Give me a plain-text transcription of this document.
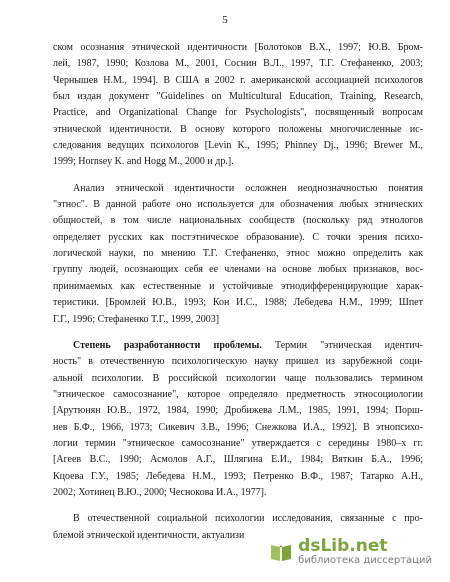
5
ском осознания этнической идентичности [Болотоков В.Х., 1997; Ю.В. Бром-
лей, 1987, 1990; Козлова М., 2001, Соснин В.Л., 1997, Т.Г. Стефаненко, 2003;
Чернышев Н.М., 1994]. В США в 2002 г. американской ассоциацией психологов
был издан документ "Guidelines on Multicultural Education, Training, Research,
Practice, and Organizational Change for Psychologists", посвященный вопросам
этнической идентичности. В основу которого положены многочисленные ис-
следования ведущих психологов [Levin K., 1995; Phinney Dj., 1996; Brewer M.,
1999; Hornsey K. and Hogg M., 2000 и др.].
Анализ этнической идентичности осложнен неоднозначностью понятия
"этнос". В данной работе оно используется для обозначения любых этнических
общностей, в том числе национальных сообществ (поскольку ряд этнологов
определяет русских как постэтническое образование). С точки зрения психо-
логической науки, по мнению Т.Г. Стефаненко, этнос можно определить как
группу людей, осознающих себя ее членами на основе любых признаков, вос-
принимаемых как естественные и устойчивые этнодифференцирующие харак-
теристики. [Бромлей Ю.В., 1993; Кон И.С., 1988; Лебедева Н.М., 1999; Шпет
Г.Г., 1996; Стефаненко Т.Г., 1999, 2003]
Степень разработанности проблемы. Термин "этническая идентич-
ность" в отечественную психологическую науку пришел из зарубежной соци-
альной психологии. В российской психологии чаще пользовались термином
"этническое самосознание", которое определяло предметность этносоциологии
[Арутюнян Ю.В., 1972, 1984, 1990; Дробижева Л.М., 1985, 1991, 1994; Порш-
нев Б.Ф., 1966, 1973; Сикевич З.В., 1996; Снежкова И.А., 1992]. В этнопсихо-
логии термин "этническое самосознание" утверждается с середины 1980–х гг.
[Агеев В.С., 1990; Асмолов А.Г., Шлягина Е.И., 1984; Вяткин Б.А., 1996;
Кцоева Г.У., 1985; Лебедева Н.М., 1993; Петренко В.Ф., 1987; Татарко А.Н.,
2002; Хотинец В.Ю., 2000; Чеснокова И.А., 1977].
В отечественной социальной психологии исследования, связанные с про-
блемой этнической идентичности, актуализи
dsLib.net
библиотека диссертаций
